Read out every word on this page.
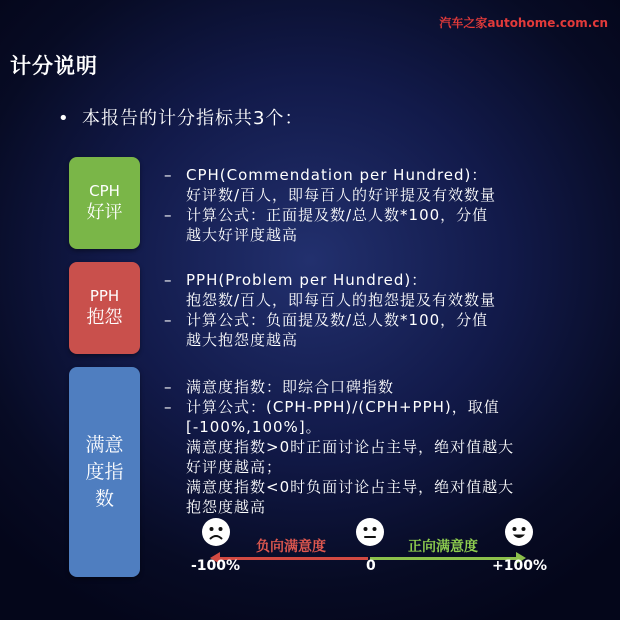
汽车之家autohome.com.cn
计分说明
• 本报告的计分指标共3个：
CPH
好评
– CPH(Commendation per Hundred)：
好评数/百人，即每百人的好评提及有效数量
– 计算公式：正面提及数/总人数*100，分值
越大好评度越高
PPH
抱怨
– PPH(Problem per Hundred)：
抱怨数/百人，即每百人的抱怨提及有效数量
– 计算公式：负面提及数/总人数*100，分值
越大抱怨度越高
满意度指数
– 满意度指数：即综合口碑指数
– 计算公式：(CPH-PPH)/(CPH+PPH)，取值
[-100%,100%]。
满意度指数>0时正面讨论占主导，绝对值越大
好评度越高；
满意度指数<0时负面讨论占主导，绝对值越大
抱怨度越高
负向满意度	正向满意度
-100%	0	+100%
